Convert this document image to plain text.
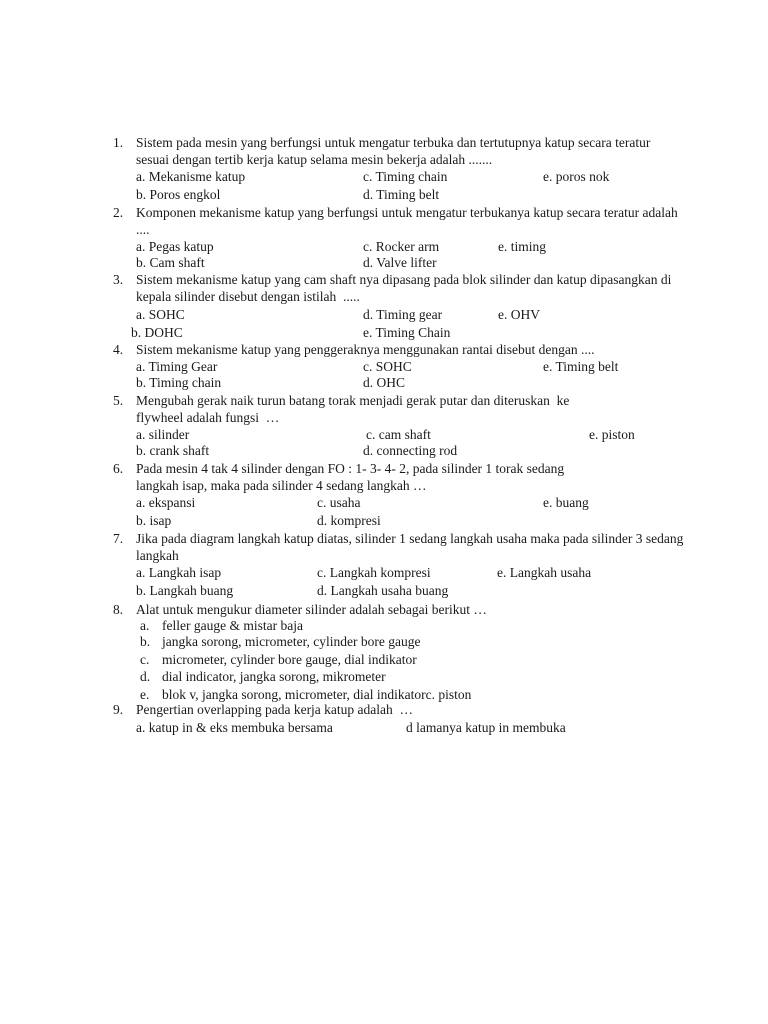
1. Sistem pada mesin yang berfungsi untuk mengatur terbuka dan tertutupnya katup secara teratur sesuai dengan tertib kerja katup selama mesin bekerja adalah .......
a. Mekanisme katup	c. Timing chain	e. poros nok
b. Poros engkol	d. Timing belt
2. Komponen mekanisme katup yang berfungsi untuk mengatur terbukanya katup secara teratur adalah ....
a. Pegas katup	c. Rocker arm	e. timing
b. Cam shaft	d. Valve lifter
3. Sistem mekanisme katup yang cam shaft nya dipasang pada blok silinder dan katup dipasangkan di kepala silinder disebut dengan istilah  .....
a. SOHC	d. Timing gear	e. OHV
b. DOHC	e. Timing Chain
4. Sistem mekanisme katup yang penggeraknya menggunakan rantai disebut dengan ....
a. Timing Gear	c. SOHC	e. Timing belt
b. Timing chain	d. OHC
5. Mengubah gerak naik turun batang torak menjadi gerak putar dan diteruskan  ke flywheel adalah fungsi  …
a. silinder	c. cam shaft	e. piston
b. crank shaft	d. connecting rod
6. Pada mesin 4 tak 4 silinder dengan FO : 1- 3- 4- 2, pada silinder 1 torak sedang langkah isap, maka pada silinder 4 sedang langkah …
a. ekspansi	c. usaha	e. buang
b. isap	d. kompresi
7. Jika pada diagram langkah katup diatas, silinder 1 sedang langkah usaha maka pada silinder 3 sedang langkah
a. Langkah isap	c. Langkah kompresi	e. Langkah usaha
b. Langkah buang	d. Langkah usaha buang
8. Alat untuk mengukur diameter silinder adalah sebagai berikut …
a. feller gauge & mistar baja
b. jangka sorong, micrometer, cylinder bore gauge
c. micrometer, cylinder bore gauge, dial indikator
d. dial indicator, jangka sorong, mikrometer
e. blok v, jangka sorong, micrometer, dial indikatorc. piston
9. Pengertian overlapping pada kerja katup adalah  …
a. katup in & eks membuka bersama	d lamanya katup in membuka
